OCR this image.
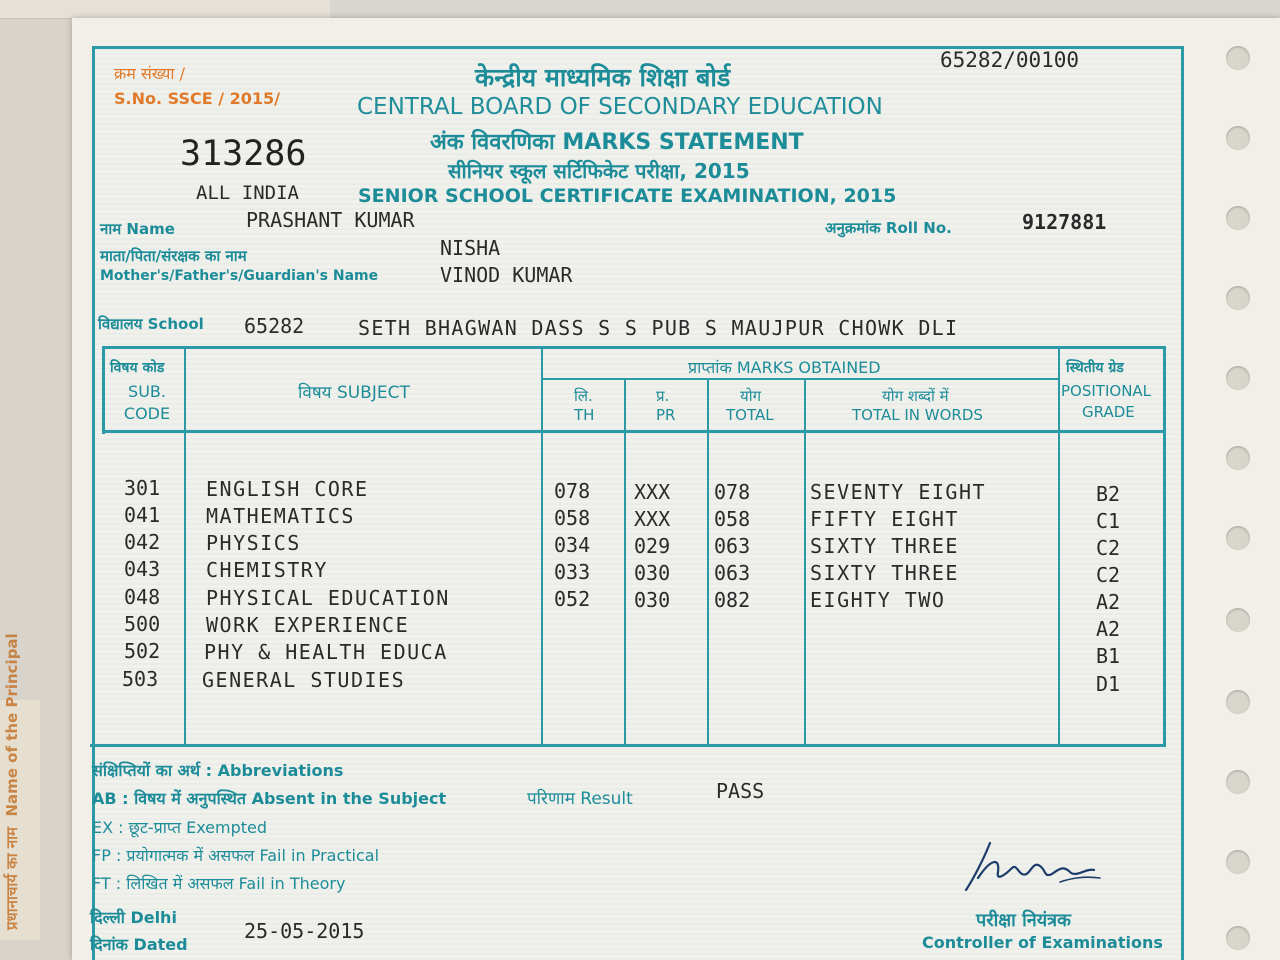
प्रधानाचार्य का नाम  Name of the Principal
क्रम संख्या /
S.No. SSCE / 2015/
313286
65282/00100
केन्द्रीय माध्यमिक शिक्षा बोर्ड
CENTRAL BOARD OF SECONDARY EDUCATION
अंक विवरणिका MARKS STATEMENT
सीनियर स्कूल सर्टिफिकेट परीक्षा, 2015
ALL INDIA	SENIOR SCHOOL CERTIFICATE EXAMINATION, 2015
नाम Name	PRASHANT KUMAR	अनुक्रमांक Roll No.	9127881
माता/पिता/संरक्षक का नाम
Mother's/Father's/Guardian's Name
NISHA
VINOD KUMAR
विद्यालय School 65282	SETH BHAGWAN DASS S S PUB S MAUJPUR CHOWK DLI
विषय कोड
SUB. CODE
विषय SUBJECT
प्राप्तांक MARKS OBTAINED
लि.
TH
प्र.
PR
योग
TOTAL
योग शब्दों में
TOTAL IN WORDS
स्थितीय ग्रेड
POSITIONAL
GRADE
301 ENGLISH CORE	078 XXX 078	SEVENTY EIGHT	B2
041 MATHEMATICS	058 XXX 058	FIFTY EIGHT	C1
042 PHYSICS	034 029 063	SIXTY THREE	C2
043 CHEMISTRY	033 030 063	SIXTY THREE	C2
048 PHYSICAL EDUCATION	052 030 082	EIGHTY TWO	A2
500 WORK EXPERIENCE	A2
502 PHY & HEALTH EDUCA	B1
503 GENERAL STUDIES	D1
संक्षिप्तियों का अर्थ : Abbreviations
AB : विषय में अनुपस्थित Absent in the Subject
EX : छूट-प्राप्त Exempted
FP : प्रयोगात्मक में असफल Fail in Practical
FT : लिखित में असफल Fail in Theory
परिणाम Result	PASS
दिल्ली Delhi
दिनांक Dated
25-05-2015	परीक्षा नियंत्रक
Controller of Examinations
